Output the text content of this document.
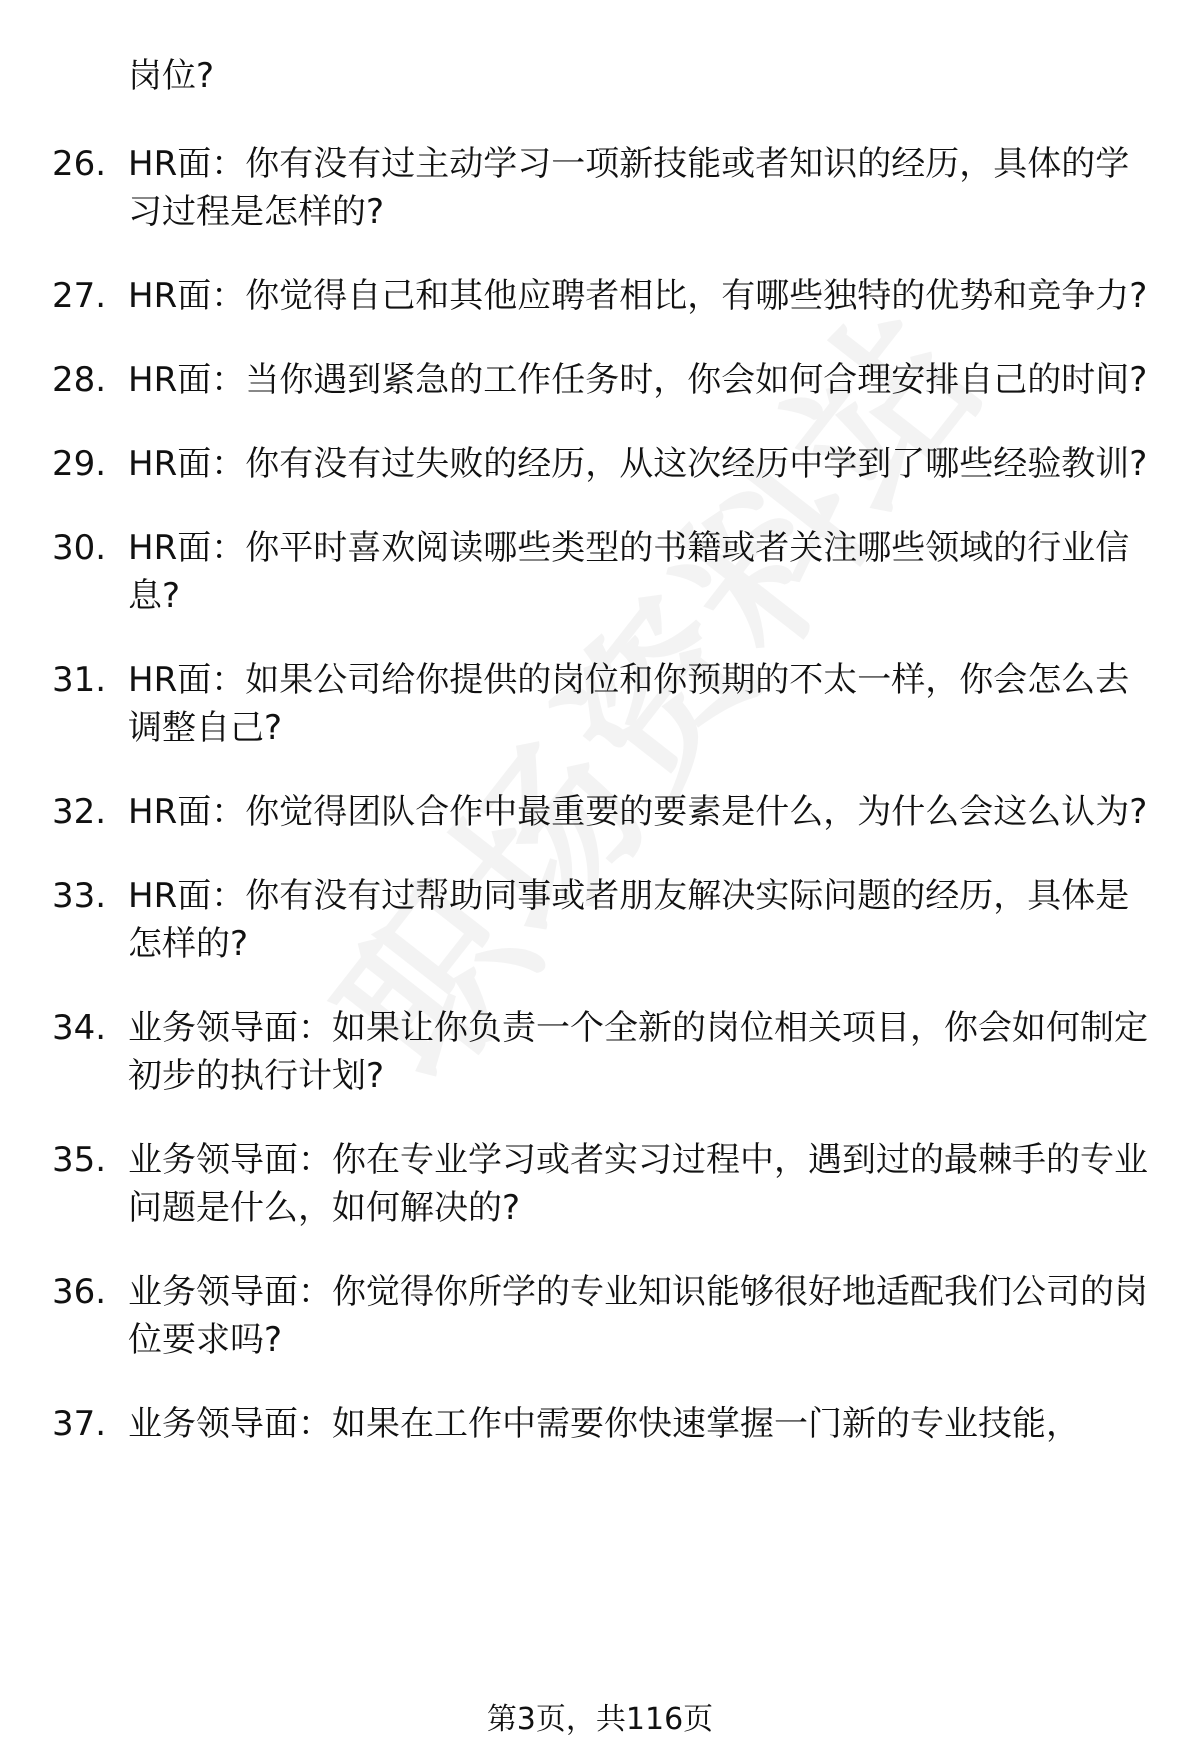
岗位?
26. HR面：你有没有过主动学习一项新技能或者知识的经历，具体的学习过程是怎样的?
27. HR面：你觉得自己和其他应聘者相比，有哪些独特的优势和竞争力?
28. HR面：当你遇到紧急的工作任务时，你会如何合理安排自己的时间?
29. HR面：你有没有过失败的经历，从这次经历中学到了哪些经验教训?
30. HR面：你平时喜欢阅读哪些类型的书籍或者关注哪些领域的行业信息?
31. HR面：如果公司给你提供的岗位和你预期的不太一样，你会怎么去调整自己?
32. HR面：你觉得团队合作中最重要的要素是什么，为什么会这么认为?
33. HR面：你有没有过帮助同事或者朋友解决实际问题的经历，具体是怎样的?
34. 业务领导面：如果让你负责一个全新的岗位相关项目，你会如何制定初步的执行计划?
35. 业务领导面：你在专业学习或者实习过程中，遇到过的最棘手的专业问题是什么，如何解决的?
36. 业务领导面：你觉得你所学的专业知识能够很好地适配我们公司的岗位要求吗?
37. 业务领导面：如果在工作中需要你快速掌握一门新的专业技能，
第3页，共116页
